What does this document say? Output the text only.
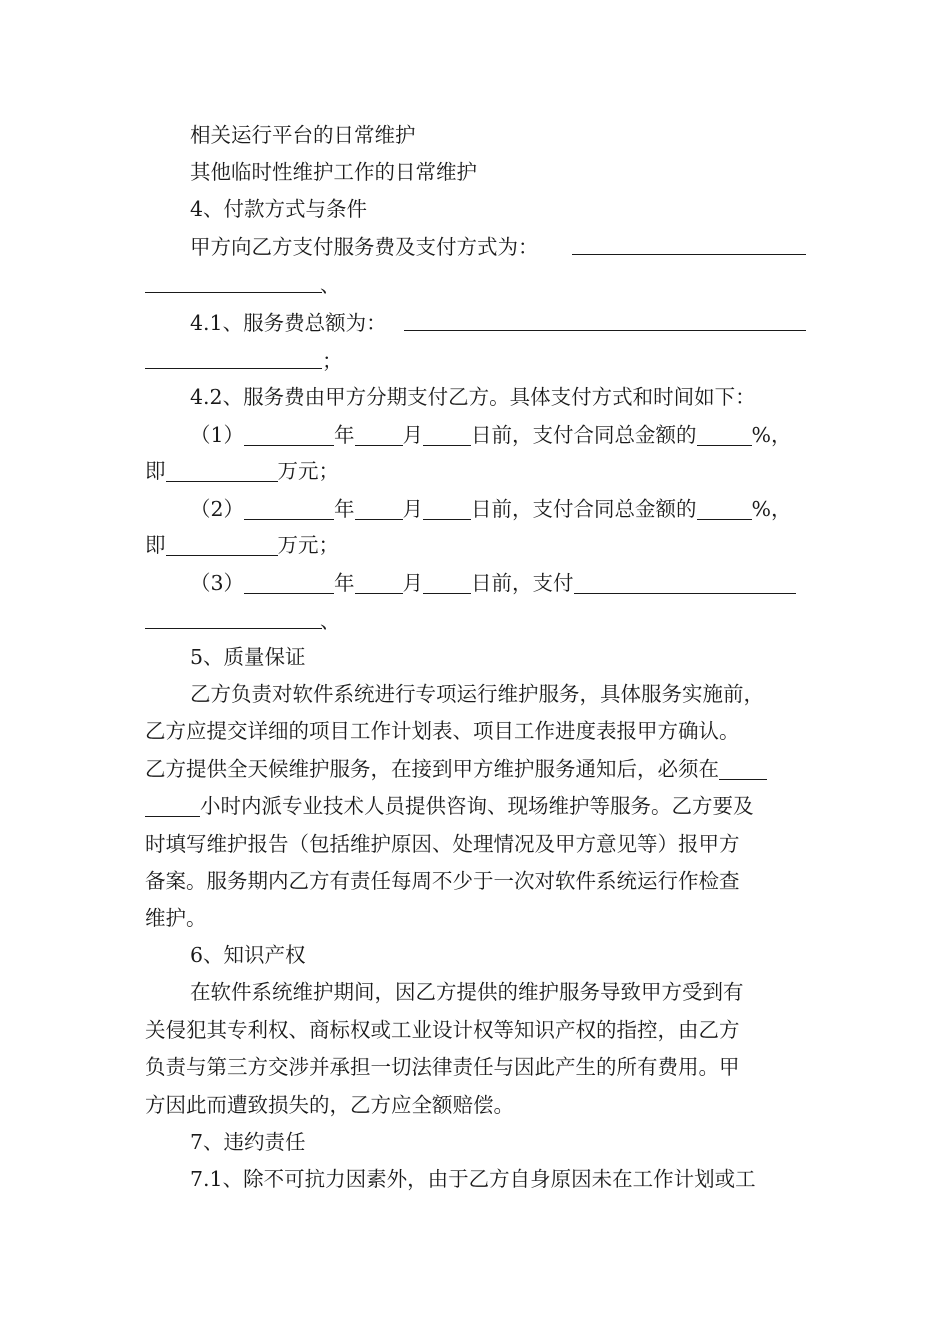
相关运行平台的日常维护
其他临时性维护工作的日常维护
4、付款方式与条件
甲方向乙方支付服务费及支付方式为：
、
4.1、服务费总额为：
；
4.2、服务费由甲方分期支付乙方。具体支付方式和时间如下：
（1）	年 月 日前，支付合同总金额的	%，
即	万元；
（2）	年 月 日前，支付合同总金额的	%，
即	万元；
（3）	年 月 日前，支付
、
5、质量保证
乙方负责对软件系统进行专项运行维护服务，具体服务实施前，
乙方应提交详细的项目工作计划表、项目工作进度表报甲方确认。
乙方提供全天候维护服务，在接到甲方维护服务通知后，必须在
小时内派专业技术人员提供咨询、现场维护等服务。乙方要及
时填写维护报告（包括维护原因、处理情况及甲方意见等）报甲方
备案。服务期内乙方有责任每周不少于一次对软件系统运行作检查
维护。
6、知识产权
在软件系统维护期间，因乙方提供的维护服务导致甲方受到有
关侵犯其专利权、商标权或工业设计权等知识产权的指控，由乙方
负责与第三方交涉并承担一切法律责任与因此产生的所有费用。甲
方因此而遭致损失的，乙方应全额赔偿。
7、违约责任
7.1、除不可抗力因素外，由于乙方自身原因未在工作计划或工
